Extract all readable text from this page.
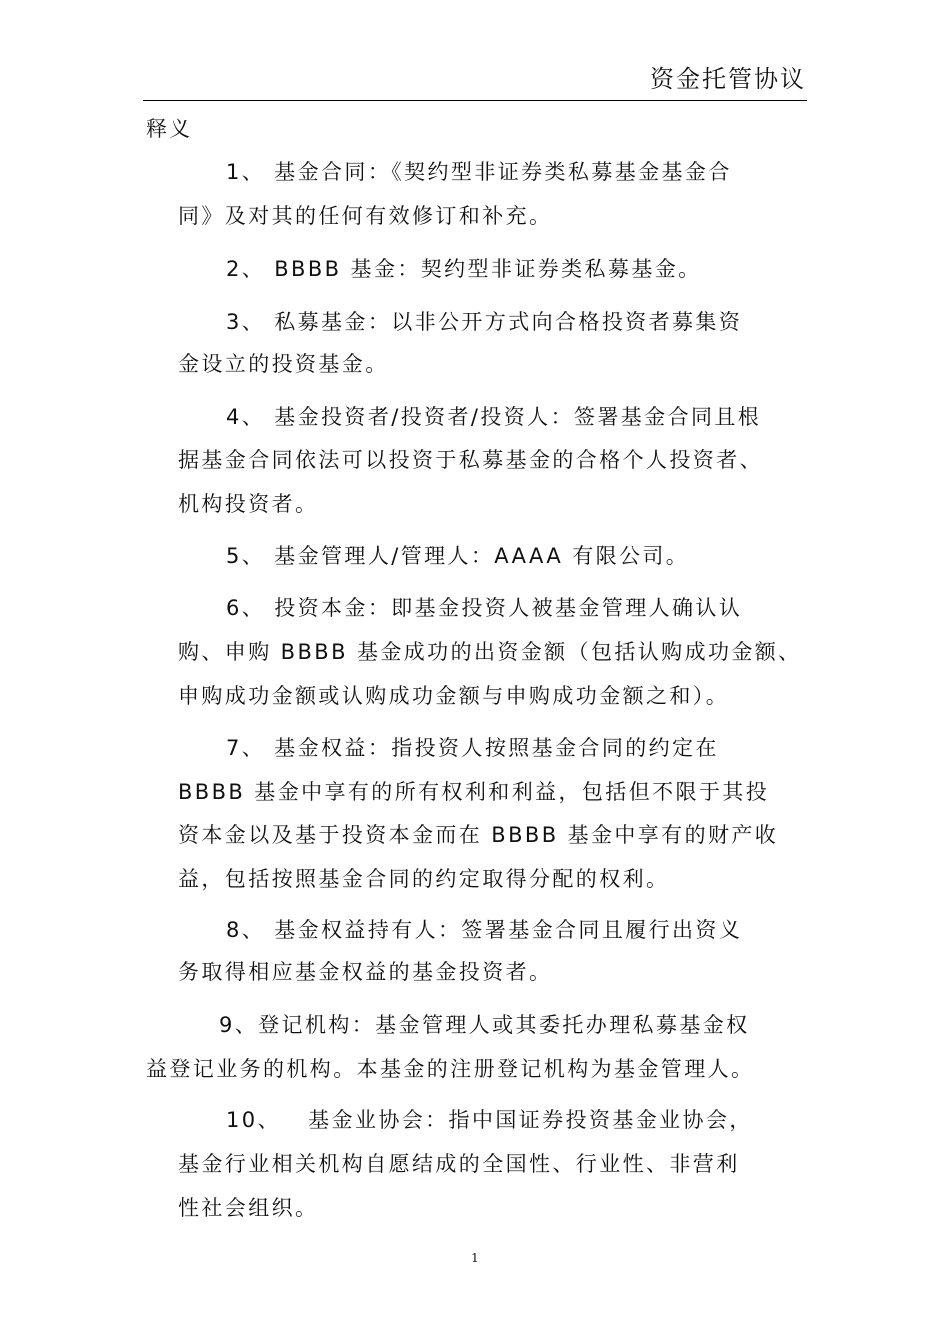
资金托管协议
释义
1、 基金合同：《契约型非证券类私募基金基金合
同》及对其的任何有效修订和补充。
2、 BBBB 基金：契约型非证券类私募基金。
3、 私募基金：以非公开方式向合格投资者募集资
金设立的投资基金。
4、 基金投资者/投资者/投资人：签署基金合同且根
据基金合同依法可以投资于私募基金的合格个人投资者、
机构投资者。
5、 基金管理人/管理人：AAAA 有限公司。
6、 投资本金：即基金投资人被基金管理人确认认
购、申购 BBBB 基金成功的出资金额（包括认购成功金额、
申购成功金额或认购成功金额与申购成功金额之和）。
7、 基金权益：指投资人按照基金合同的约定在
BBBB 基金中享有的所有权利和利益，包括但不限于其投
资本金以及基于投资本金而在 BBBB 基金中享有的财产收
益，包括按照基金合同的约定取得分配的权利。
8、 基金权益持有人：签署基金合同且履行出资义
务取得相应基金权益的基金投资者。
9、登记机构：基金管理人或其委托办理私募基金权
益登记业务的机构。本基金的注册登记机构为基金管理人。
10、   基金业协会：指中国证券投资基金业协会，
基金行业相关机构自愿结成的全国性、行业性、非营利
性社会组织。
1
